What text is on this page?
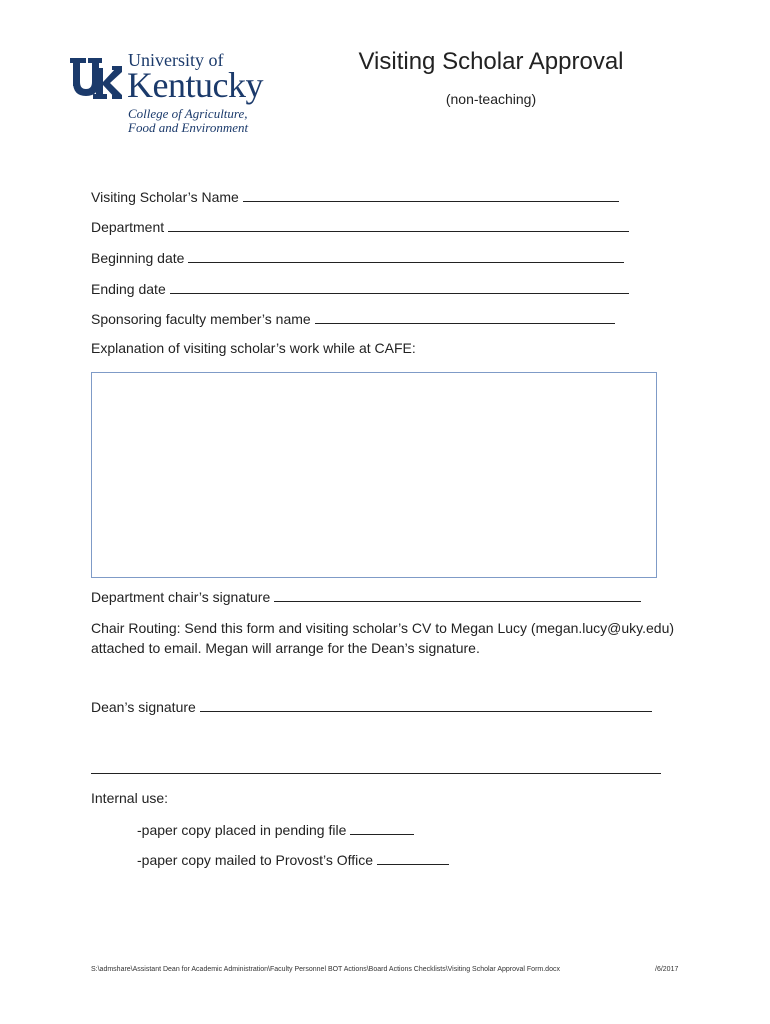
University of
Kentucky
College of Agriculture,
Food and Environment
Visiting Scholar Approval
(non-teaching)
Visiting Scholar’s Name
Department
Beginning date
Ending date
Sponsoring faculty member’s name
Explanation of visiting scholar’s work while at CAFE:
Department chair’s signature
Chair Routing: Send this form and visiting scholar’s CV to Megan Lucy (megan.lucy@uky.edu) attached to email. Megan will arrange for the Dean’s signature.
Dean’s signature
Internal use:
-paper copy placed in pending file
-paper copy mailed to Provost’s Office
S:\admshare\Assistant Dean for Academic Administration\Faculty Personnel BOT Actions\Board Actions Checklists\Visiting Scholar Approval Form.docx	/6/2017
